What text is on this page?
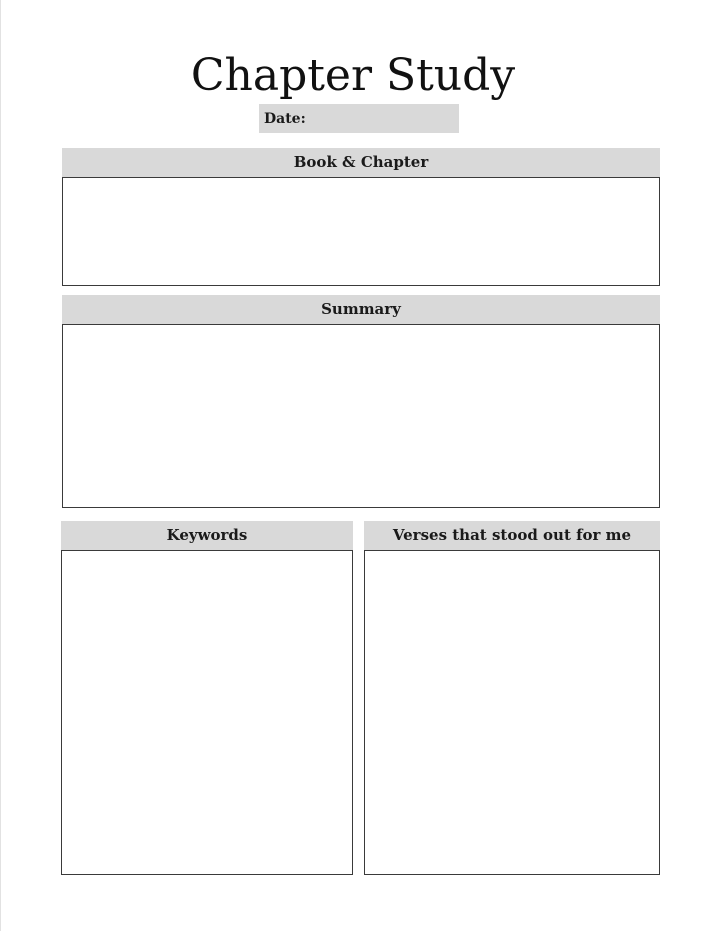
Chapter Study
Date:
Book & Chapter
Summary
Keywords	Verses that stood out for me
